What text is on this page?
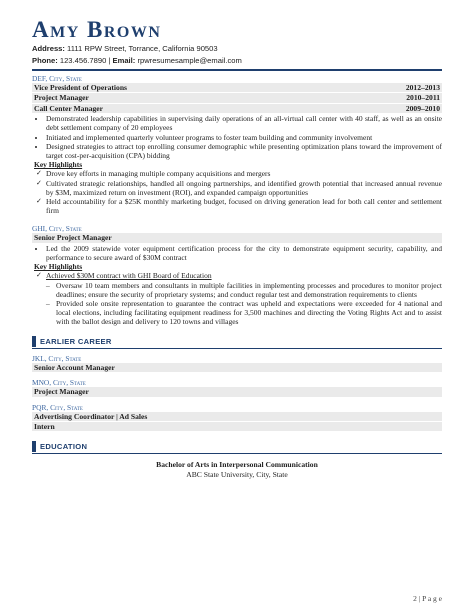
Amy Brown
Address: 1111 RPW Street, Torrance, California 90503
Phone: 123.456.7890 | Email: rpwresumesample@email.com
DEF, City, State
Vice President of Operations	2012–2013
Project Manager	2010–2011
Call Center Manager	2009–2010
• Demonstrated leadership capabilities in supervising daily operations of an all-virtual call center with 40 staff, as well as an onsite debt settlement company of 20 employees
• Initiated and implemented quarterly volunteer programs to foster team building and community involvement
• Designed strategies to attract top enrolling consumer demographic while presenting optimization plans toward the improvement of target cost-per-acquisition (CPA) bidding
Key Highlights
✓ Drove key efforts in managing multiple company acquisitions and mergers
✓ Cultivated strategic relationships, handled all ongoing partnerships, and identified growth potential that increased annual revenue by $3M, maximized return on investment (ROI), and expanded campaign opportunities
✓ Held accountability for a $25K monthly marketing budget, focused on driving generation lead for both call center and settlement firm
GHI, City, State
Senior Project Manager
• Led the 2009 statewide voter equipment certification process for the city to demonstrate equipment security, capability, and performance to secure award of $30M contract
Key Highlights
✓ Achieved $30M contract with GHI Board of Education
– Oversaw 10 team members and consultants in multiple facilities in implementing processes and procedures to monitor project deadlines; ensure the security of proprietary systems; and conduct regular test and demonstration requirements to clients
– Provided sole onsite representation to guarantee the contract was upheld and expectations were exceeded for 4 national and local elections, including facilitating equipment readiness for 3,500 machines and directing the Voting Rights Act and to assist with the ballot design and delivery to 120 towns and villages
EARLIER CAREER
JKL, City, State
Senior Account Manager
MNO, City, State
Project Manager
PQR, City, State
Advertising Coordinator | Ad Sales
Intern
EDUCATION
Bachelor of Arts in Interpersonal Communication
ABC State University, City, State
2 | P a g e
